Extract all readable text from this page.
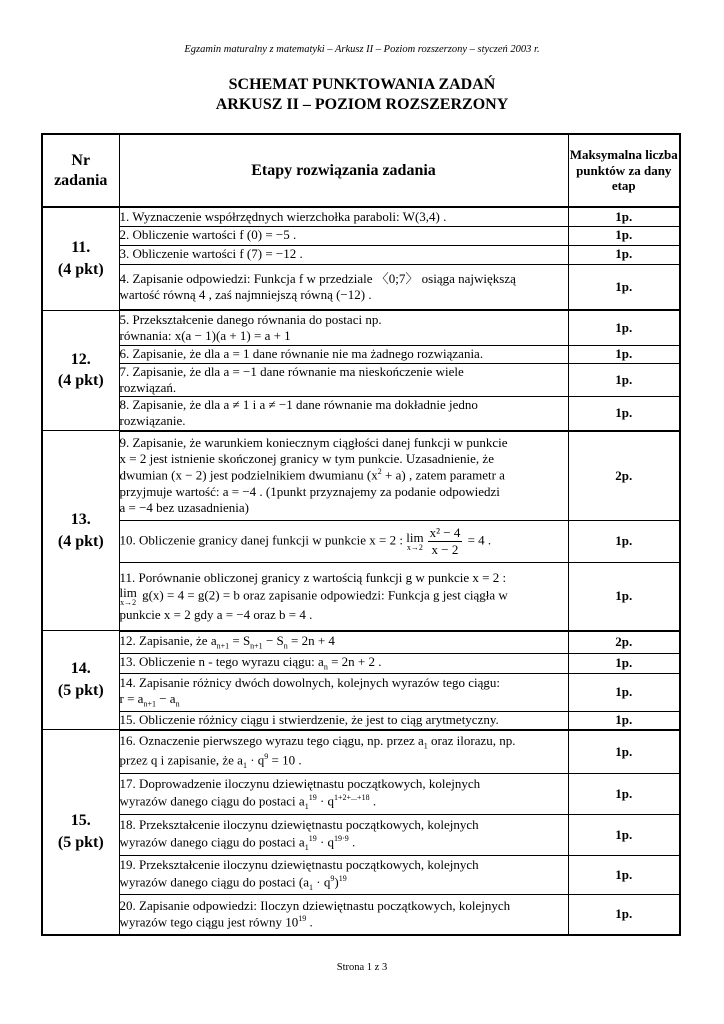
Egzamin maturalny z matematyki – Arkusz II – Poziom rozszerzony – styczeń 2003 r.
SCHEMAT PUNKTOWANIA ZADAŃ
ARKUSZ II – POZIOM ROZSZERZONY
Nr
zadania	Etapy rozwiązania zadania	Maksymalna liczba punktów za dany etap
11.
(4 pkt)	1. Wyznaczenie współrzędnych wierzchołka paraboli: W(3,4) .	1p.
	2. Obliczenie wartości f (0) = −5 .	1p.
	3. Obliczenie wartości f (7) = −12 .	1p.
	4. Zapisanie odpowiedzi: Funkcja f w przedziale 〈0;7〉 osiąga największą
wartość równą 4 , zaś najmniejszą równą (−12) .	1p.
12.
(4 pkt)	5. Przekształcenie danego równania do postaci np.
równania: x(a − 1)(a + 1) = a + 1	1p.
	6. Zapisanie, że dla a = 1 dane równanie nie ma żadnego rozwiązania.	1p.
	7. Zapisanie, że dla a = −1 dane równanie ma nieskończenie wiele
rozwiązań.	1p.
	8. Zapisanie, że dla a ≠ 1 i a ≠ −1 dane równanie ma dokładnie jedno
rozwiązanie.	1p.
13.
(4 pkt)	9. Zapisanie, że warunkiem koniecznym ciągłości danej funkcji w punkcie
x = 2 jest istnienie skończonej granicy w tym punkcie. Uzasadnienie, że
dwumian (x − 2) jest podzielnikiem dwumianu $(x^2 + a)$ , zatem parametr a
przyjmuje wartość: a = −4 . (1punkt przyznajemy za podanie odpowiedzi
a = −4 bez uzasadnienia)	2p.
	10. Obliczenie granicy danej funkcji w punkcie x = 2 : lim
$x\to 2 \frac{\text{x² − 4}}{x - 2} = 4$ .	1p.
	11. Porównanie obliczonej granicy z wartością funkcji g w punkcie x = 2 :
lim
x→2
g(x) = 4 = g(2) = b oraz zapisanie odpowiedzi: Funkcja g jest ciągła w
punkcie x = 2 gdy a = −4 oraz b = 4 .	1p.
14.
(5 pkt)	12. Zapisanie, że $a_{n+1} = S_{n+1} - S_n = 2n + 4$	2p.
	13. Obliczenie n - tego wyrazu ciągu: $a_n = 2n + 2$ .	1p.
	14. Zapisanie różnicy dwóch dowolnych, kolejnych wyrazów tego ciągu:
$r = a_{n+1} - a_n$	1p.
	15. Obliczenie różnicy ciągu i stwierdzenie, że jest to ciąg arytmetyczny.	1p.
15.
(5 pkt)	16. Oznaczenie pierwszego wyrazu tego ciągu, np. przez $a_1$ oraz ilorazu, np.
przez q i zapisanie, że $a_1 \cdot q^9 = 10$ .	1p.
	17. Doprowadzenie iloczynu dziewiętnastu początkowych, kolejnych
wyrazów danego ciągu do postaci $a_1^{19} \cdot q^{1+2+...+18}$ .	1p.
	18. Przekształcenie iloczynu dziewiętnastu początkowych, kolejnych
wyrazów danego ciągu do postaci $a_1^{19} \cdot q^{19\cdot 9}$ .	1p.
	19. Przekształcenie iloczynu dziewiętnastu początkowych, kolejnych
wyrazów danego ciągu do postaci $(a_1 \cdot q^9)^{19}$	1p.
	20. Zapisanie odpowiedzi: Iloczyn dziewiętnastu początkowych, kolejnych
wyrazów tego ciągu jest równy $10^{19}$ .	1p.
Strona 1 z 3
